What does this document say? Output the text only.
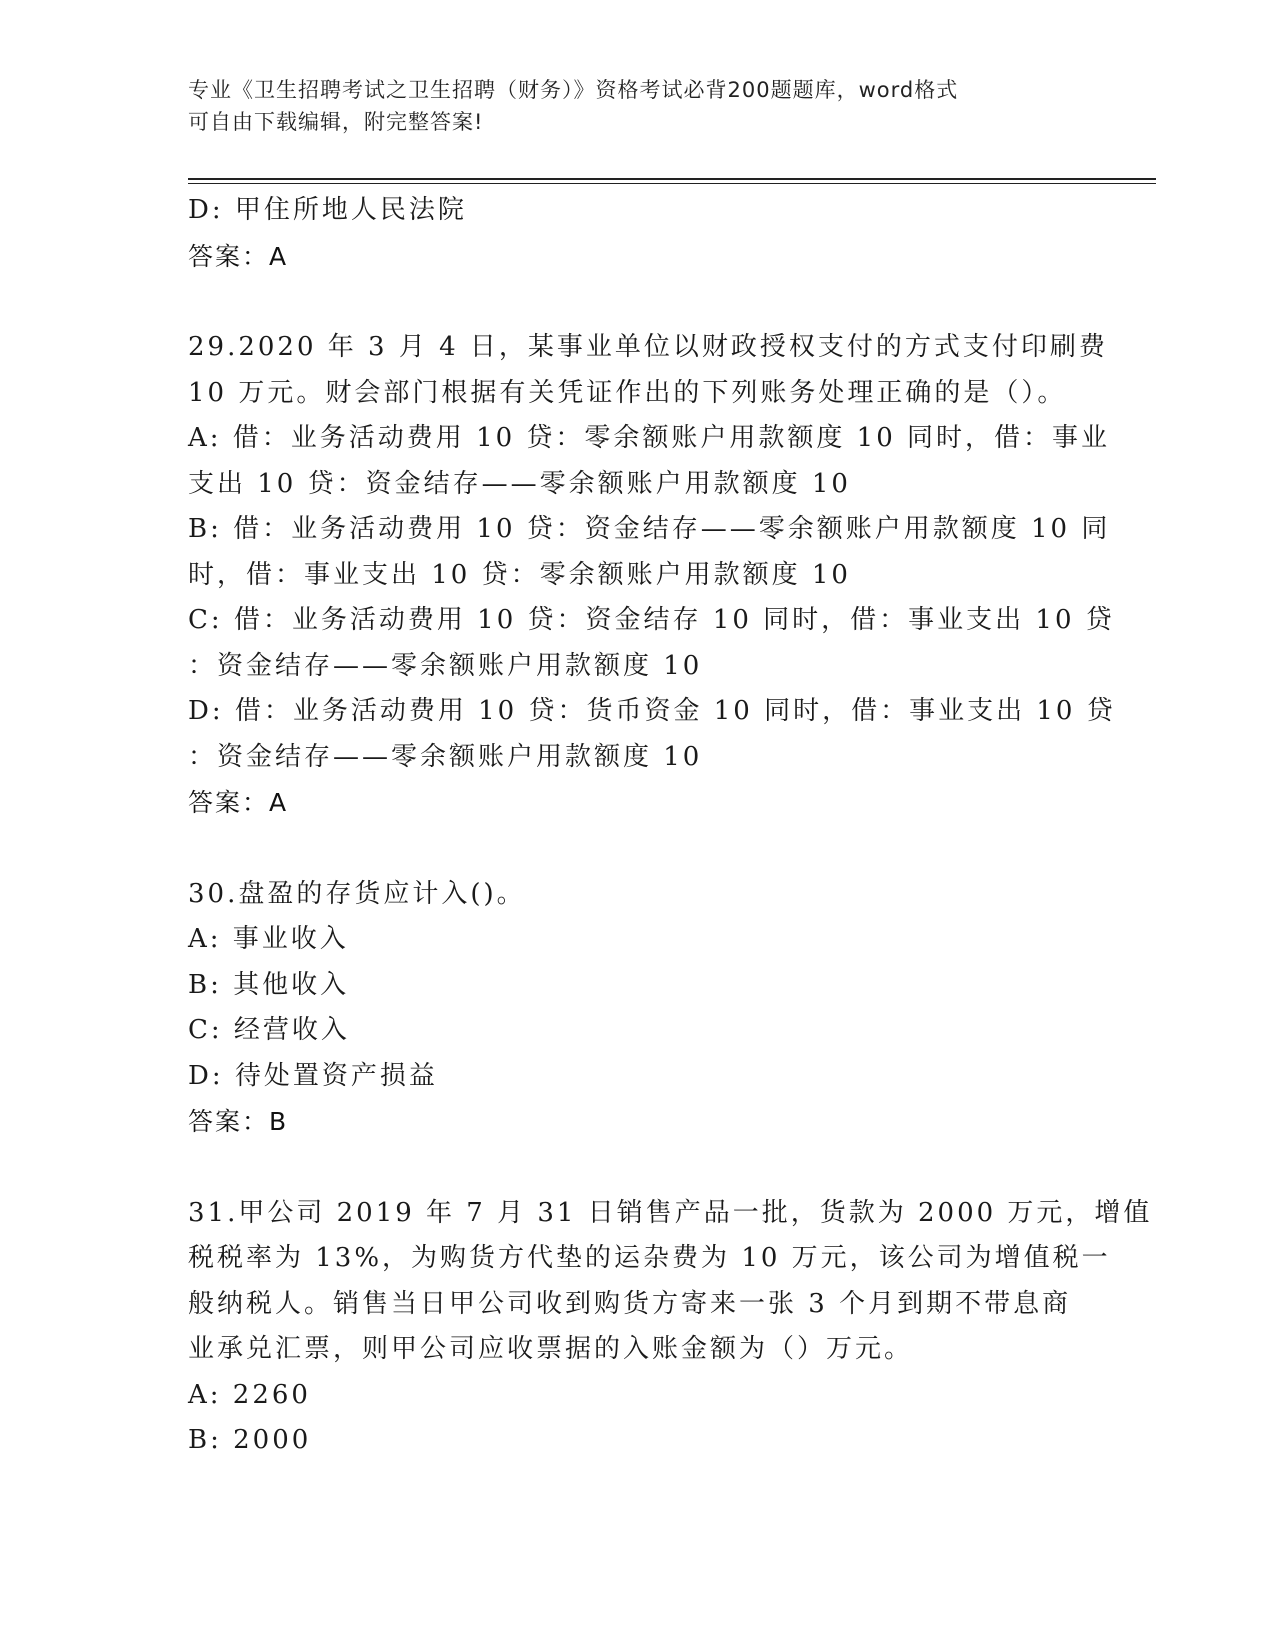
专业《卫生招聘考试之卫生招聘（财务）》资格考试必背200题题库，word格式
可自由下载编辑，附完整答案!
D: 甲住所地人民法院
答案：A
29.2020 年 3 月 4 日，某事业单位以财政授权支付的方式支付印刷费
10 万元。财会部门根据有关凭证作出的下列账务处理正确的是（）。
A: 借：业务活动费用 10 贷：零余额账户用款额度 10 同时，借：事业
支出 10 贷：资金结存——零余额账户用款额度 10
B: 借：业务活动费用 10 贷：资金结存——零余额账户用款额度 10 同
时，借：事业支出 10 贷：零余额账户用款额度 10
C: 借：业务活动费用 10 贷：资金结存 10 同时，借：事业支出 10 贷
：资金结存——零余额账户用款额度 10
D: 借：业务活动费用 10 贷：货币资金 10 同时，借：事业支出 10 贷
：资金结存——零余额账户用款额度 10
答案：A
30.盘盈的存货应计入()。
A: 事业收入
B: 其他收入
C: 经营收入
D: 待处置资产损益
答案：B
31.甲公司 2019 年 7 月 31 日销售产品一批，货款为 2000 万元，增值
税税率为 13%，为购货方代垫的运杂费为 10 万元，该公司为增值税一
般纳税人。销售当日甲公司收到购货方寄来一张 3 个月到期不带息商
业承兑汇票，则甲公司应收票据的入账金额为（）万元。
A: 2260
B: 2000
